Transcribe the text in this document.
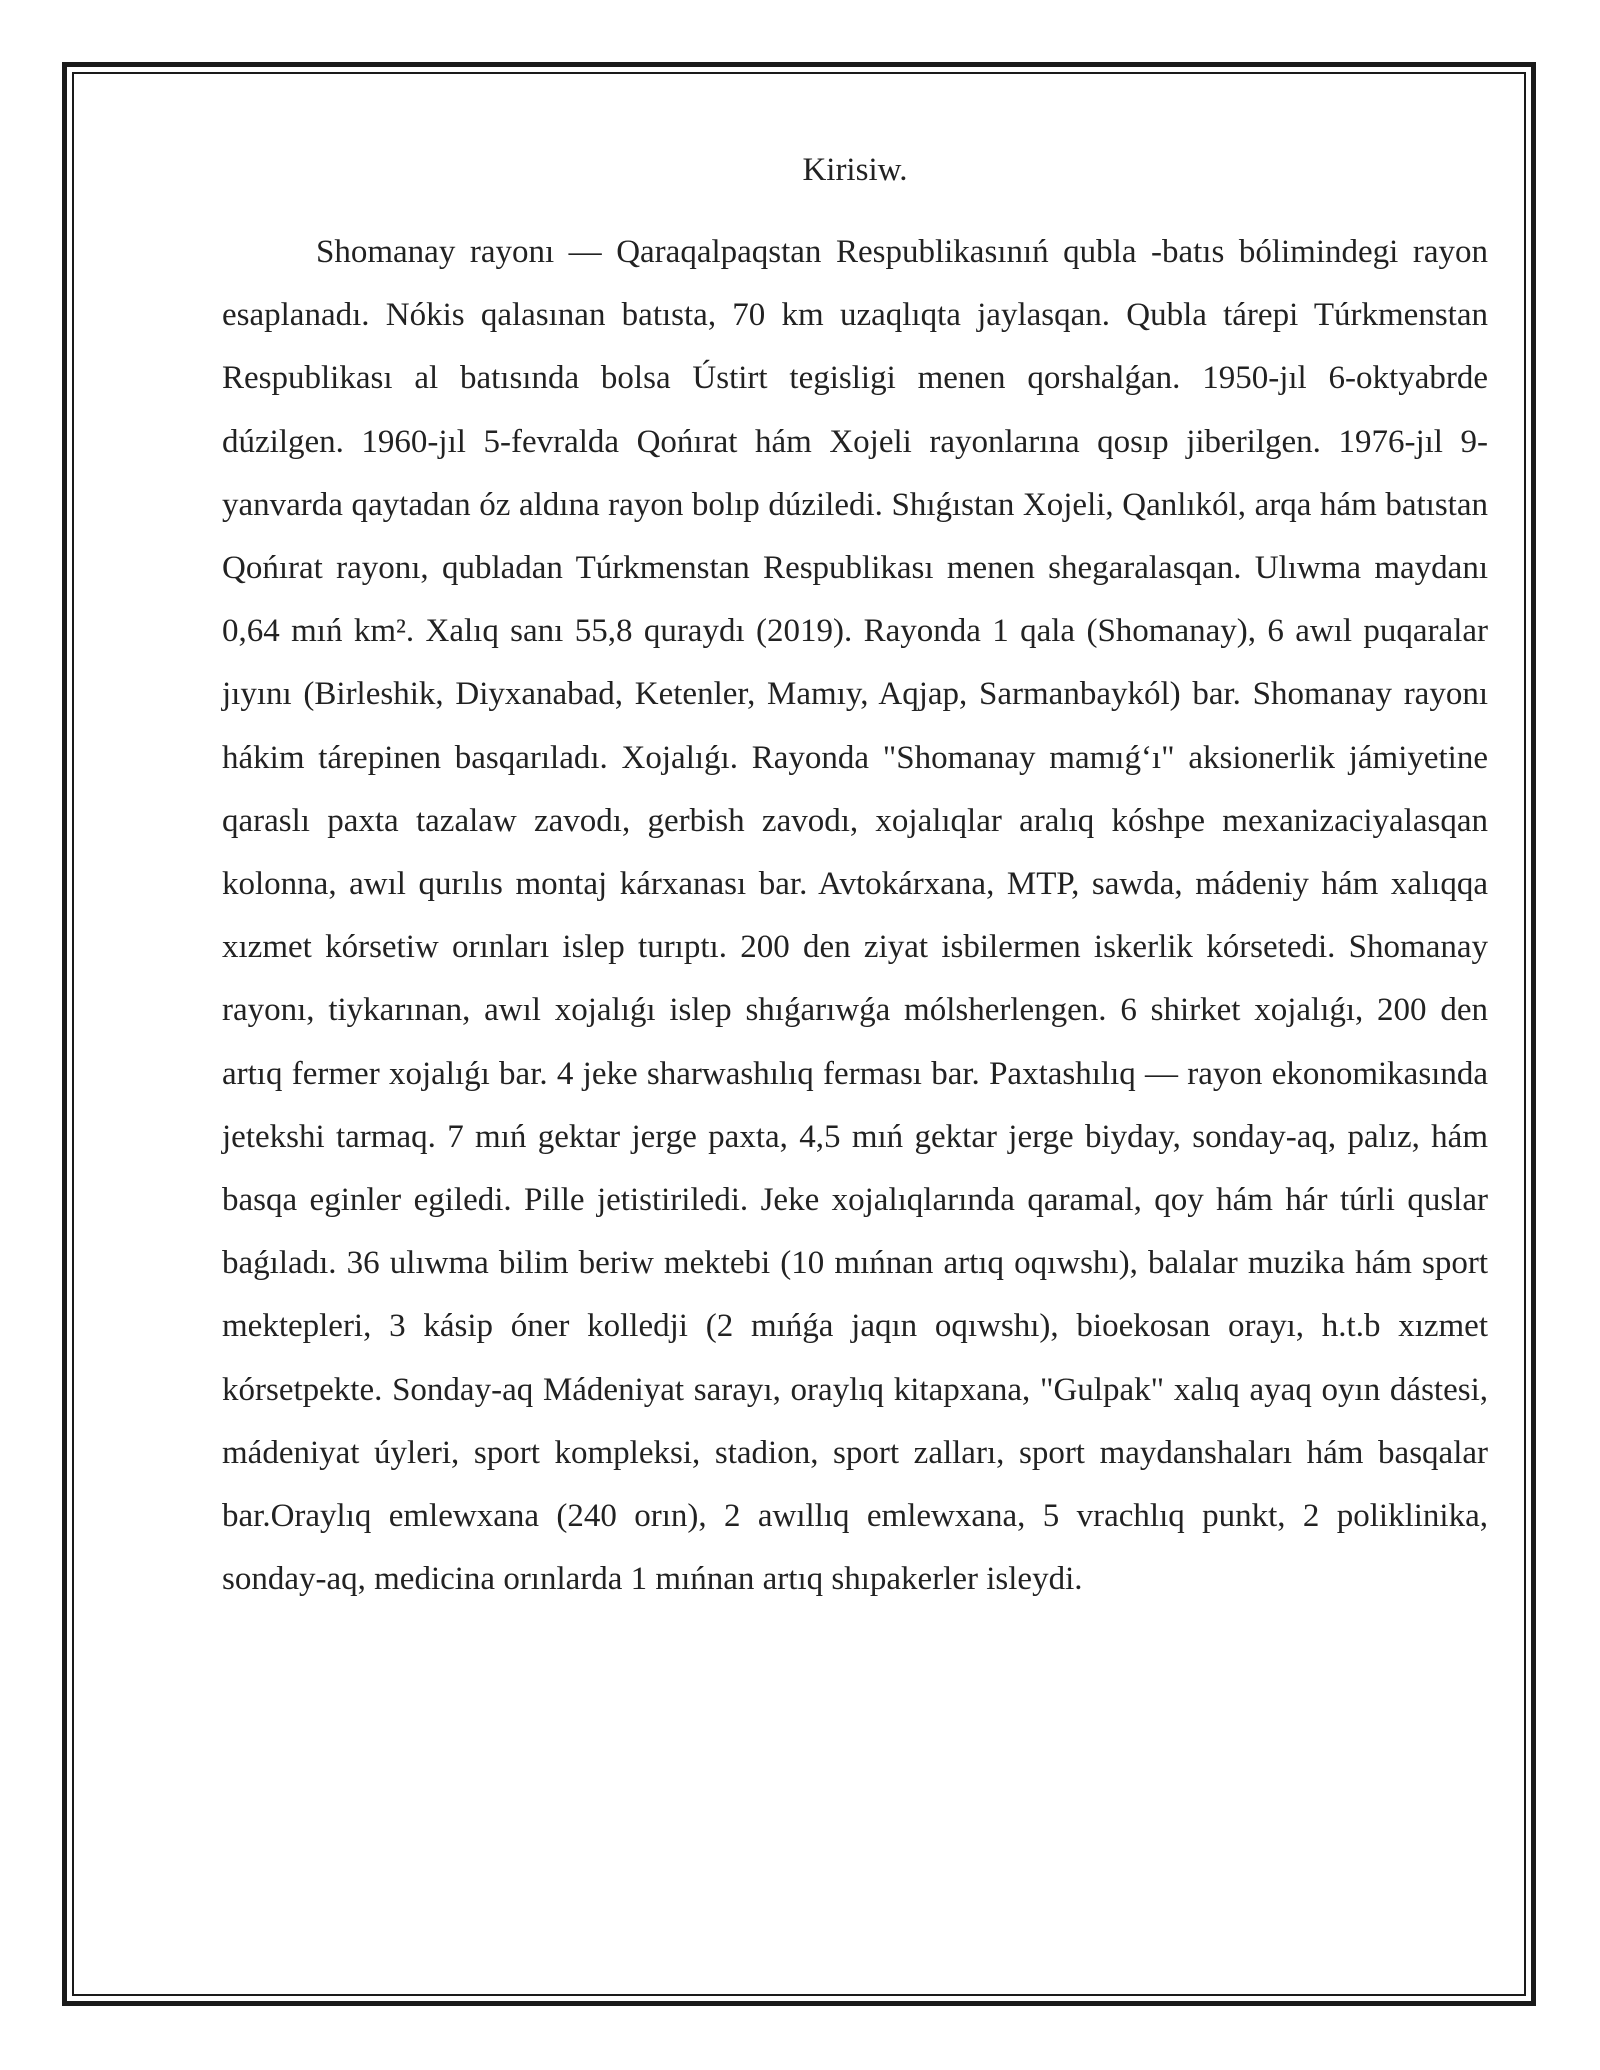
Kirisiw.

Shomanay rayonı — Qaraqalpaqstan Respublikasınıń qubla -batıs bólimindegi rayon esaplanadı. Nókis qalasınan batısta, 70 km uzaqlıqta jaylasqan. Qubla tárepi Túrkmenstan Respublikası al batısında bolsa Ústirt tegisligi menen qorshalǵan. 1950-jıl 6-oktyabrde dúzilgen. 1960-jıl 5-fevralda Qońırat hám Xojeli rayonlarına qosıp jiberilgen. 1976-jıl 9- yanvarda qaytadan óz aldına rayon bolıp dúziledi. Shıǵıstan Xojeli, Qanlıkól, arqa hám batıstan Qońırat rayonı, qubladan Túrkmenstan Respublikası menen shegaralasqan. Ulıwma maydanı 0,64 mıń km². Xalıq sanı 55,8 quraydı (2019). Rayonda 1 qala (Shomanay), 6 awıl puqaralar jıyını (Birleshik, Diyxanabad, Ketenler, Mamıy, Aqjap, Sarmanbaykól) bar. Shomanay rayonı hákim tárepinen basqarıladı. Xojalıǵı. Rayonda "Shomanay mamıǵ‘ı" aksionerlik jámiyetine qaraslı paxta tazalaw zavodı, gerbish zavodı, xojalıqlar aralıq kóshpe mexanizaciyalasqan kolonna, awıl qurılıs montaj kárxanası bar. Avtokárxana, MTP, sawda, mádeniy hám xalıqqa xızmet kórsetiw orınları islep turıptı. 200 den ziyat isbilermen iskerlik kórsetedi. Shomanay rayonı, tiykarınan, awıl xojalıǵı islep shıǵarıwǵa mólsherlengen. 6 shirket xojalıǵı, 200 den artıq fermer xojalıǵı bar. 4 jeke sharwashılıq ferması bar. Paxtashılıq — rayon ekonomikasında jetekshi tarmaq. 7 mıń gektar jerge paxta, 4,5 mıń gektar jerge biyday, sonday-aq, palız, hám basqa eginler egiledi. Pille jetistiriledi. Jeke xojalıqlarında qaramal, qoy hám hár túrli quslar baǵıladı. 36 ulıwma bilim beriw mektebi (10 mıńnan artıq oqıwshı), balalar muzika hám sport mektepleri, 3 kásip óner kolledji (2 mıńǵa jaqın oqıwshı), bioekosan orayı, h.t.b xızmet kórsetpekte. Sonday-aq Mádeniyat sarayı, oraylıq kitapxana, "Gulpak" xalıq ayaq oyın dástesi, mádeniyat úyleri, sport kompleksi, stadion, sport zalları, sport maydanshaları hám basqalar bar.Oraylıq emlewxana (240 orın), 2 awıllıq emlewxana, 5 vrachlıq punkt, 2 poliklinika, sonday-aq, medicina orınlarda 1 mıńnan artıq shıpakerler isleydi.
